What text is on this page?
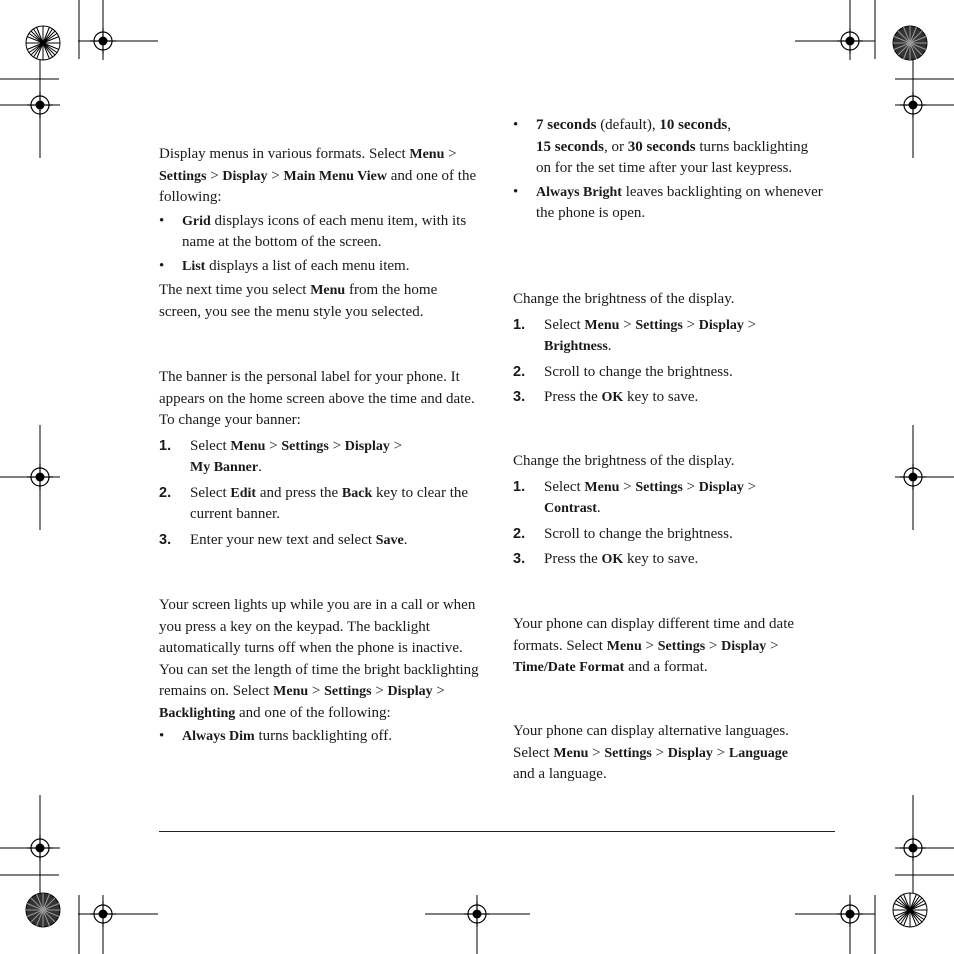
Display menus in various formats. Select Menu > Settings > Display > Main Menu View and one of the following:

• Grid displays icons of each menu item, with its name at the bottom of the screen.

• List displays a list of each menu item.

The next time you select Menu from the home screen, you see the menu style you selected.

The banner is the personal label for your phone. It appears on the home screen above the time and date. To change your banner:

1. Select Menu > Settings > Display >
My Banner.

2. Select Edit and press the Back key to clear the current banner.

3. Enter your new text and select Save.

Your screen lights up while you are in a call or when you press a key on the keypad. The backlight automatically turns off when the phone is inactive. You can set the length of time the bright backlighting remains on. Select Menu > Settings > Display > Backlighting and one of the following:

• Always Dim turns backlighting off.

• 7 seconds (default), 10 seconds,
15 seconds, or 30 seconds turns backlighting on for the set time after your last keypress.

• Always Bright leaves backlighting on whenever the phone is open.

Change the brightness of the display.

1. Select Menu > Settings > Display >
Brightness.

2. Scroll to change the brightness.

3. Press the OK key to save.

Change the brightness of the display.

1. Select Menu > Settings > Display >
Contrast.

2. Scroll to change the brightness.

3. Press the OK key to save.

Your phone can display different time and date formats. Select Menu > Settings > Display >
Time/Date Format and a format.

Your phone can display alternative languages. Select Menu > Settings > Display > Language
and a language.
